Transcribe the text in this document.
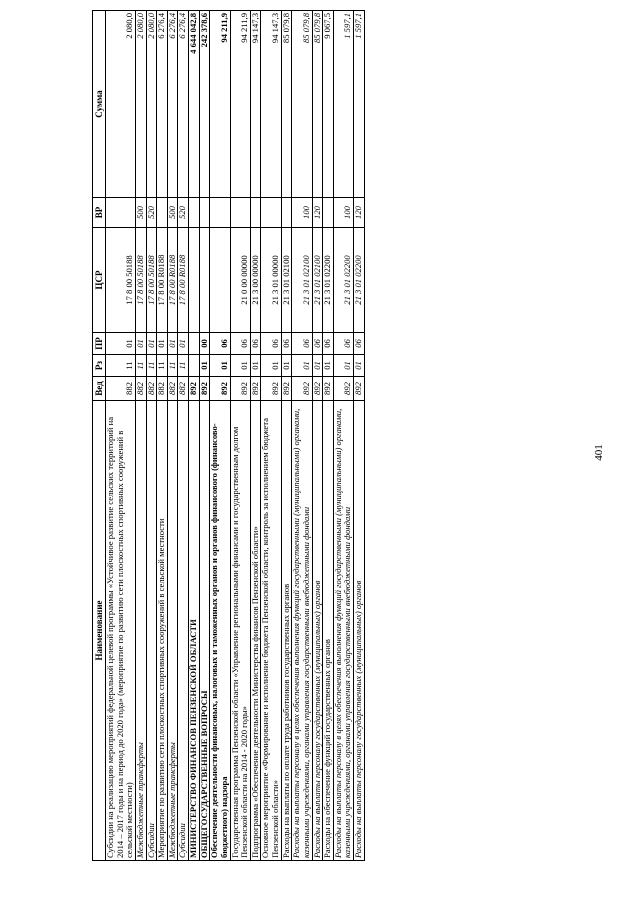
401
Наименование	Вед	Рз	ПР	ЦСР	ВР	Сумма
Субсидии на реализацию мероприятий федеральной целевой программы «Устойчивое развитие сельских территорий на 2014 – 2017 годы и на период до 2020 года» (мероприятие по развитию сети плоскостных спортивных сооружений в сельской местности)	882	11	01	17 8 00 50188		2 080,0
Межбюджетные трансферты	882	11	01	17 8 00 50188	500	2 080,0
Субсидии	882	11	01	17 8 00 50188	520	2 080,0
Мероприятие по развитию сети плоскостных спортивных сооружений в сельской местности	882	11	01	17 8 00 R0188		6 276,4
Межбюджетные трансферты	882	11	01	17 8 00 R0188	500	6 276,4
Субсидии	882	11	01	17 8 00 R0188	520	6 276,4
МИНИСТЕРСТВО ФИНАНСОВ ПЕНЗЕНСКОЙ ОБЛАСТИ	892					4 644 042,8
ОБЩЕГОСУДАРСТВЕННЫЕ ВОПРОСЫ	892	01	00			242 378,6
Обеспечение деятельности финансовых, налоговых и таможенных органов и органов финансового (финансово-бюджетного) надзора	892	01	06			94 211,9
Государственная программа Пензенской области «Управление региональными финансами и государственным долгом Пензенской области на 2014 - 2020 годы»	892	01	06	21 0 00 00000		94 211,9
Подпрограмма «Обеспечение деятельности Министерства финансов Пензенской области»	892	01	06	21 3 00 00000		94 147,3
Основное мероприятие «Формирование и исполнение бюджета Пензенской области, контроль за исполнением бюджета Пензенской области»	892	01	06	21 3 01 00000		94 147,3
Расходы на выплаты по оплате труда работников государственных органов	892	01	06	21 3 01 02100		85 079,8
Расходы на выплаты персоналу в целях обеспечения выполнения функций государственными (муниципальными) органами, казенными учреждениями, органами управления государственными внебюджетными фондами	892	01	06	21 3 01 02100	100	85 079,8
Расходы на выплаты персоналу государственных (муниципальных) органов	892	01	06	21 3 01 02100	120	85 079,8
Расходы на обеспечение функций государственных органов	892	01	06	21 3 01 02200		9 067,5
Расходы на выплаты персоналу в целях обеспечения выполнения функций государственными (муниципальными) органами, казенными учреждениями, органами управления государственными внебюджетными фондами	892	01	06	21 3 01 02200	100	1 597,1
Расходы на выплаты персоналу государственных (муниципальных) органов	892	01	06	21 3 01 02200	120	1 597,1
